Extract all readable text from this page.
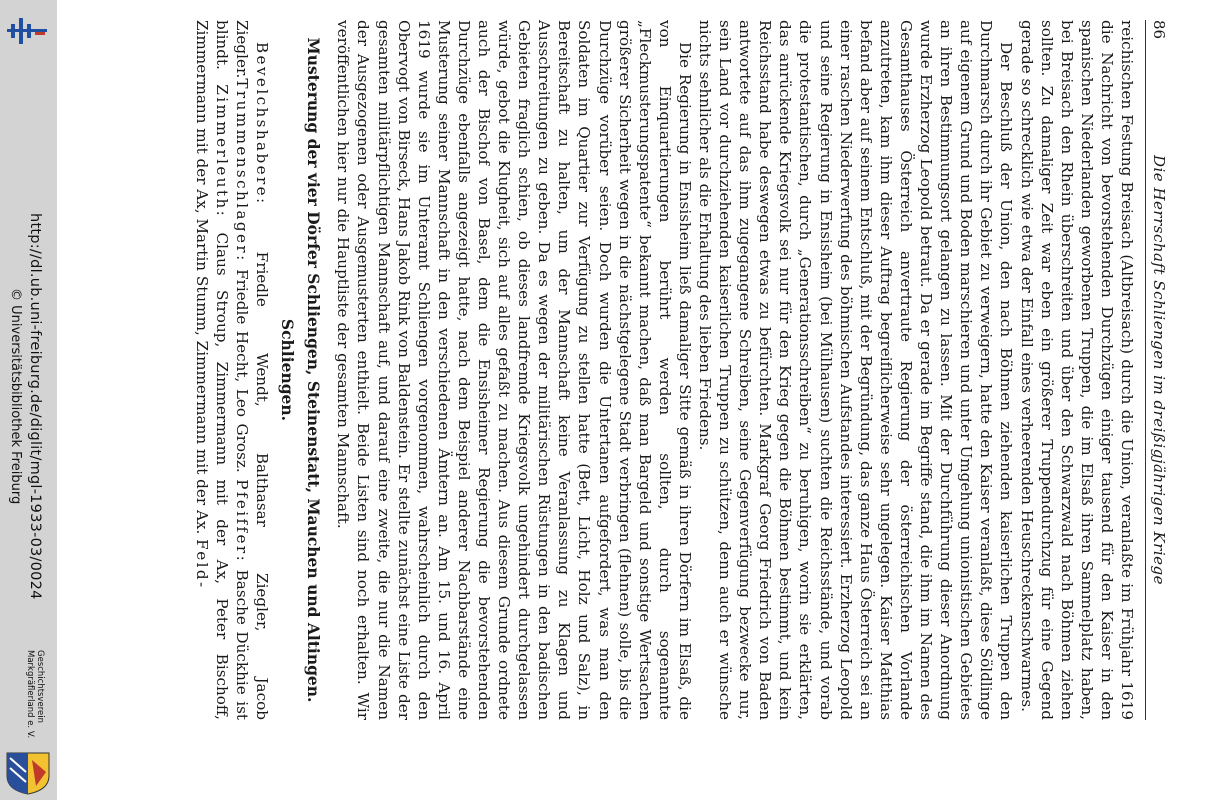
http://dl.ub.uni-freiburg.de/diglit/mgl-1933-03/0024
© Universitätsbibliothek Freiburg
Geschichtsverein
Markgräflerland e. V.
86
Die Herrschaft Schliengen im dreißigjährigen Kriege

reichischen Festung Breisach (Altbreisach) durch die Union, veranlaßte im Frühjahr 1619 die Nachricht von bevorstehenden Durchzügen einiger tausend für den Kaiser in den spanischen Niederlanden geworbenen Truppen, die im Elsaß ihren Sammelplatz haben, bei Breisach den Rhein überschreiten und über den Schwarzwald nach Böhmen ziehen sollten. Zu damaliger Zeit war eben ein größerer Truppendurchzug für eine Gegend gerade so schrecklich wie etwa der Einfall eines verheerenden Heuschreckenschwarmes.

Der Beschluß der Union, den nach Böhmen ziehenden kaiserlichen Truppen den Durchmarsch durch ihr Gebiet zu verweigern, hatte den Kaiser veranlaßt, diese Söldlinge auf eigenem Grund und Boden marschieren und unter Umgehung unionistischen Gebietes an ihren Bestimmungsort gelangen zu lassen. Mit der Durchführung dieser Anordnung wurde Erzherzog Leopold betraut. Da er gerade im Begriffe stand, die ihm im Namen des Gesamthauses Österreich anvertraute Regierung der österreichischen Vorlande anzutreten, kam ihm dieser Auftrag begreiflicherweise sehr ungelegen. Kaiser Matthias befand aber auf seinem Entschluß, mit der Begründung, das ganze Haus Österreich sei an einer raschen Niederwerfung des böhmischen Aufstandes interessiert. Erzherzog Leopold und seine Regierung in Ensisheim (bei Mülhausen) suchten die Reichsstände, und vorab die protestantischen, durch „Generationsschreiben“ zu beruhigen, worin sie erklärten, das anrückende Kriegsvolk sei nur für den Krieg gegen die Böhmen bestimmt, und kein Reichsstand habe deswegen etwas zu befürchten. Markgraf Georg Friedrich von Baden antwortete auf das ihm zugegangene Schreiben, seine Gegenverfügung bezwecke nur, sein Land vor durchziehenden kaiserlichen Truppen zu schützen, denn auch er wünsche nichts sehnlicher als die Erhaltung des lieben Friedens.

Die Regierung in Ensisheim ließ damaliger Sitte gemäß in ihren Dörfern im Elsaß, die von Einquartierungen berührt werden sollten, durch sogenannte „Fleckmusterungspatente“ bekannt machen, daß man Bargeld und sonstige Wertsachen größerer Sicherheit wegen in die nächstgelegene Stadt verbringen (flehnen) solle, bis die Durchzüge vorüber seien. Doch wurden die Untertanen aufgefordert, was man den Soldaten im Quartier zur Verfügung zu stellen hatte (Bett, Licht, Holz und Salz), in Bereitschaft zu halten, um der Mannschaft keine Veranlassung zu Klagen und Ausschreitungen zu geben. Da es wegen der militärischen Rüstungen in den badischen Gebieten fraglich schien, ob dieses landfremde Kriegsvolk ungehindert durchgelassen würde, gebot die Klugheit, sich auf alles gefaßt zu machen. Aus diesem Grunde ordnete auch der Bischof von Basel, dem die Ensisheimer Regierung die bevorstehenden Durchzüge ebenfalls angezeigt hatte, nach dem Beispiel anderer Nachbarstände eine Musterung seiner Mannschaft in den verschiedenen Ämtern an. Am 15. und 16. April 1619 wurde sie im Unteramt Schliengen vorgenommen, wahrscheinlich durch den Obervogt von Birseck, Hans Jakob Rink von Baldenstein. Er stellte zunächst eine Liste der gesamten militärpflichtigen Mannschaft auf, und darauf eine zweite, die nur die Namen der Ausgezogenen oder Ausgemusterten enthielt. Beide Listen sind noch erhalten. Wir veröffentlichen hier nur die Hauptliste der gesamten Mannschaft.

Musterung der vier Dörfer Schliengen, Steinenstatt, Mauchen und Altingen.
Schliengen.

Bevelchshabere: Friedle Wendt, Balthasar Ziegler, Jacob Ziegler.Trummenschlager: Friedle Hecht, Leo Grosz. Pfeiffer: Basche Dückhie ist blindt. Zimmerleuth: Claus Stroup, Zimmermann mit der Ax, Peter Bischoff, Zimmermann mit der Ax, Martin Stumm, Zimmermann mit der Ax. Feld-
